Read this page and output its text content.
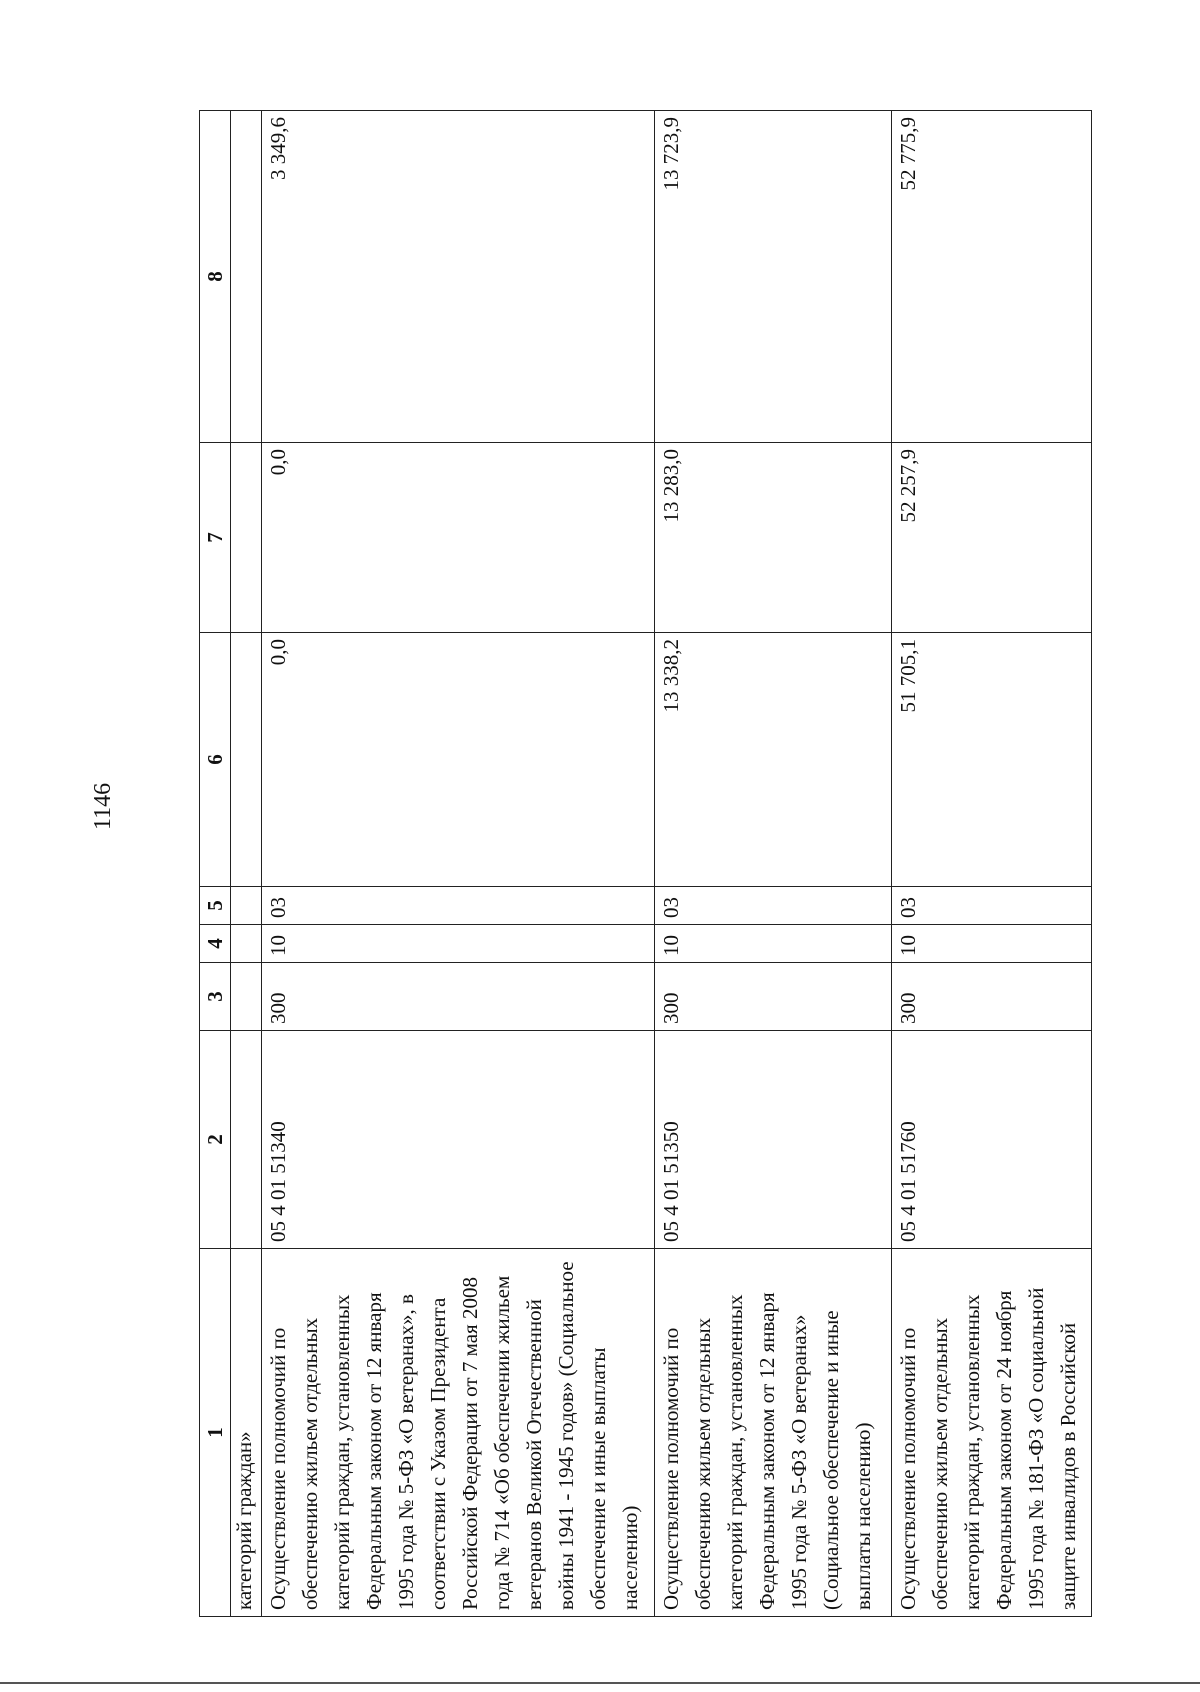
1146
1	2	3	4	5	6	7	8
категорий граждан»							
Осуществление полномочий по обеспечению жильем отдельных категорий граждан, установленных Федеральным законом от 12 января 1995 года № 5-ФЗ «О ветеранах», в соответствии с Указом Президента Российской Федерации от 7 мая 2008 года № 714 «Об обеспечении жильем ветеранов Великой Отечественной войны 1941 - 1945 годов» (Социальное обеспечение и иные выплаты населению)	05 4 01 51340	300	10	03	0,0	0,0	3 349,6
Осуществление полномочий по обеспечению жильем отдельных категорий граждан, установленных Федеральным законом от 12 января 1995 года № 5-ФЗ «О ветеранах» (Социальное обеспечение и иные выплаты населению)	05 4 01 51350	300	10	03	13 338,2	13 283,0	13 723,9
Осуществление полномочий по обеспечению жильем отдельных категорий граждан, установленных Федеральным законом от 24 ноября 1995 года № 181-ФЗ «О социальной защите инвалидов в Российской	05 4 01 51760	300	10	03	51 705,1	52 257,9	52 775,9
